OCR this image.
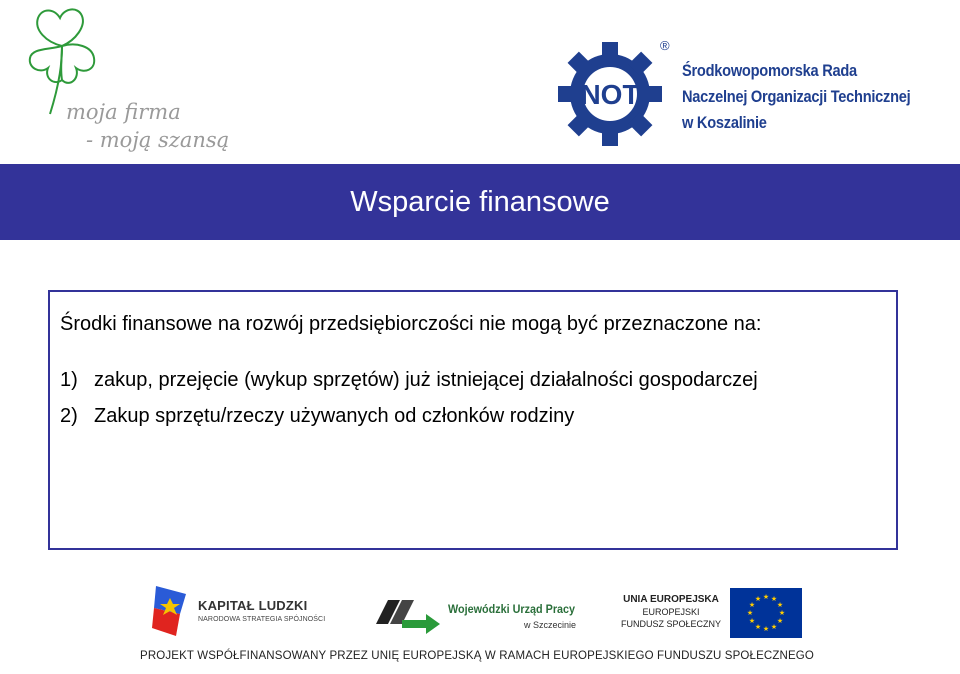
moja firma
- moją szansą
NOT
®
Środkowopomorska Rada
Naczelnej Organizacji Technicznej
w Koszalinie
Wsparcie finansowe

Środki finansowe na rozwój przedsiębiorczości nie mogą być przeznaczone na:

1) zakup, przejęcie (wykup sprzętów) już istniejącej działalności gospodarczej
2) Zakup sprzętu/rzeczy używanych od członków rodziny
KAPITAŁ LUDZKI
NARODOWA STRATEGIA SPÓJNOŚCI
Wojewódzki Urząd Pracy
w Szczecinie
UNIA EUROPEJSKA
EUROPEJSKI
FUNDUSZ SPOŁECZNY
★ ★
★
★
★
★
★
★
★
★
★
★
PROJEKT WSPÓŁFINANSOWANY PRZEZ UNIĘ EUROPEJSKĄ W RAMACH EUROPEJSKIEGO FUNDUSZU SPOŁECZNEGO
